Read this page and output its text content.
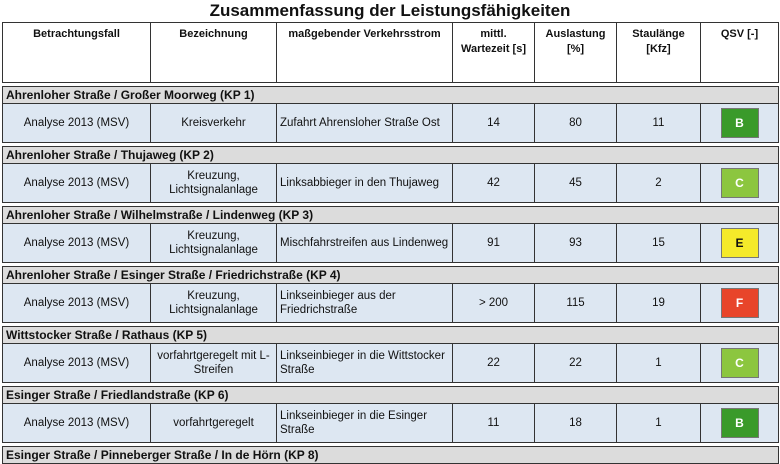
Zusammenfassung der Leistungsfähigkeiten
Betrachtungsfall	Bezeichnung	maßgebender Verkehrsstrom	mittl. Wartezeit [s]	Auslastung [%]	Staulänge [Kfz]	QSV [-]

Ahrenloher Straße / Großer Moorweg (KP 1)						
Analyse 2013 (MSV)	Kreisverkehr	Zufahrt Ahrensloher Straße Ost	14	80	11	B

Ahrenloher Straße / Thujaweg (KP 2)						
Analyse 2013 (MSV)	Kreuzung, Lichtsignalanlage	Linksabbieger in den Thujaweg	42	45	2	C

Ahrenloher Straße / Wilhelmstraße / Lindenweg (KP 3)						
Analyse 2013 (MSV)	Kreuzung, Lichtsignalanlage	Mischfahrstreifen aus Lindenweg	91	93	15	E

Ahrenloher Straße / Esinger Straße / Friedrichstraße (KP 4)						
Analyse 2013 (MSV)	Kreuzung, Lichtsignalanlage	Linkseinbieger aus der Friedrichstraße	> 200	115	19	F

Wittstocker Straße / Rathaus (KP 5)						
Analyse 2013 (MSV)	vorfahrtgeregelt mit L-Streifen	Linkseinbieger in die Wittstocker Straße	22	22	1	C

Esinger Straße / Friedlandstraße (KP 6)						
Analyse 2013 (MSV)	vorfahrtgeregelt	Linkseinbieger in die Esinger Straße	11	18	1	B

Esinger Straße / Pinneberger Straße / In de Hörn (KP 8)						
